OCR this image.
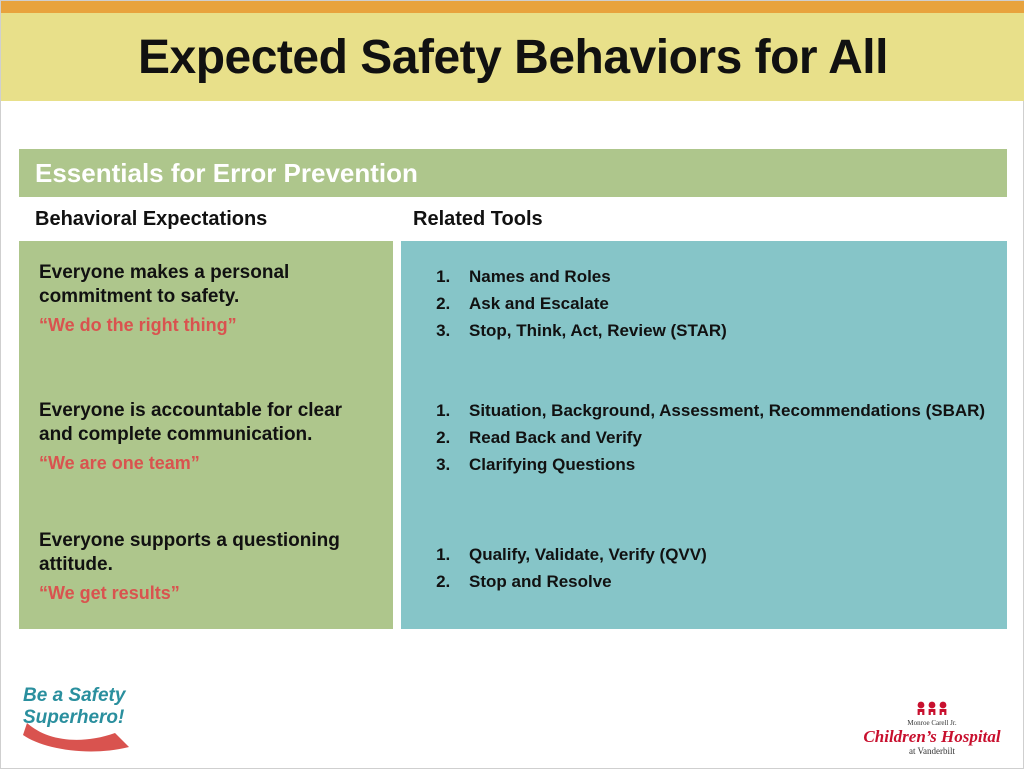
Expected Safety Behaviors for All
Essentials for Error Prevention
Behavioral Expectations	Related Tools

Everyone makes a personal commitment to safety.

“We do the right thing”

1. Names and Roles
2. Ask and Escalate
3. Stop, Think, Act, Review (STAR)

Everyone is accountable for clear and complete communication.

“We are one team”

1. Situation, Background, Assessment, Recommendations (SBAR)
2. Read Back and Verify
3. Clarifying Questions

Everyone supports a questioning attitude.

“We get results”

1. Qualify, Validate, Verify (QVV)
2. Stop and Resolve
Be a Safety
Superhero!	Monroe Carell Jr.
Children’s Hospital
at Vanderbilt
